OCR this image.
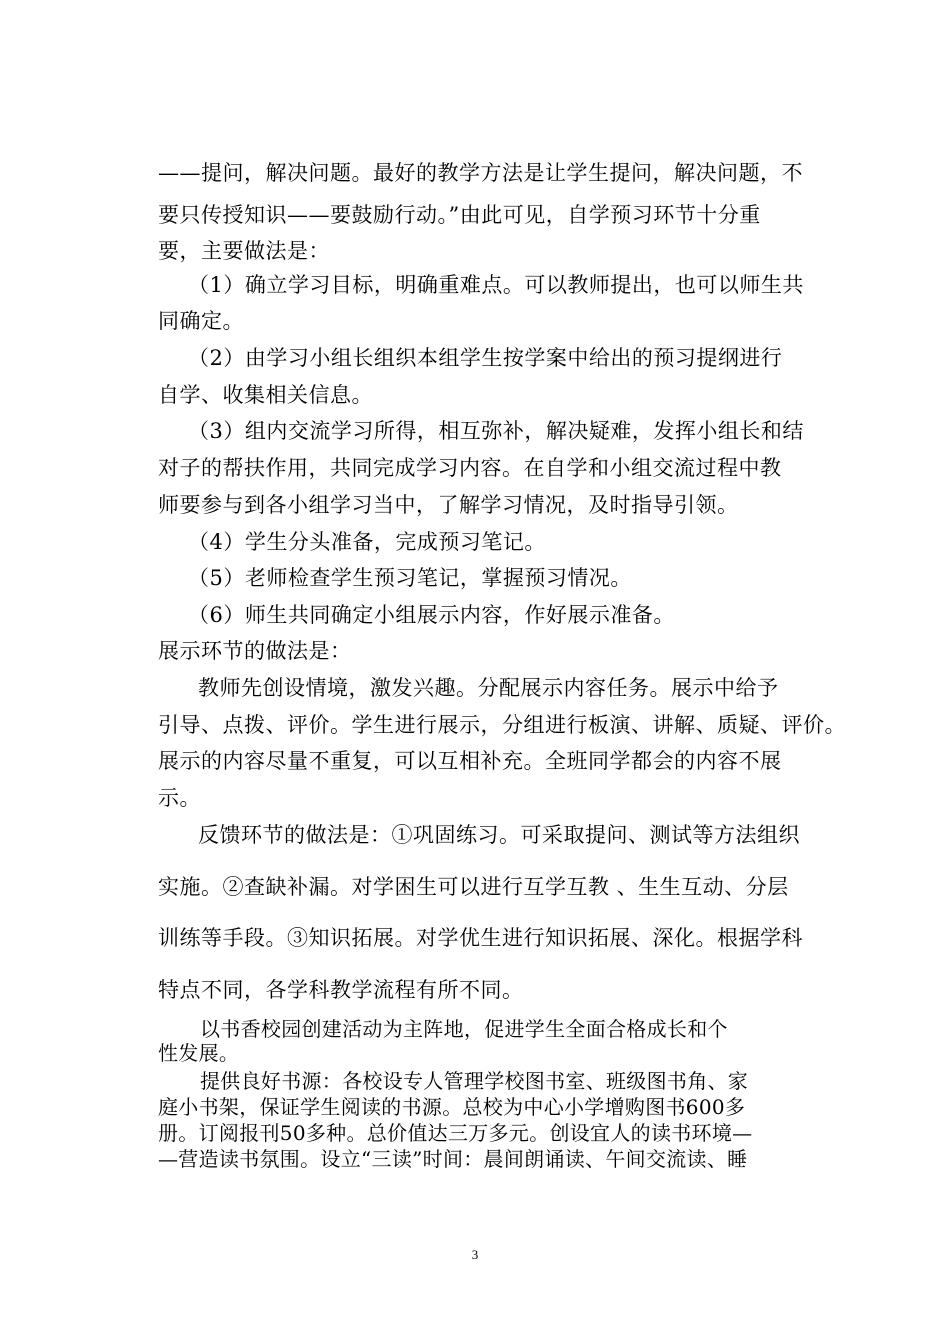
——提问，解决问题。最好的教学方法是让学生提问，解决问题，不
要只传授知识——要鼓励行动。”由此可见，自学预习环节十分重
要，主要做法是：
（1）确立学习目标，明确重难点。可以教师提出，也可以师生共
同确定。
（2）由学习小组长组织本组学生按学案中给出的预习提纲进行
自学、收集相关信息。
（3）组内交流学习所得，相互弥补，解决疑难，发挥小组长和结
对子的帮扶作用，共同完成学习内容。在自学和小组交流过程中教
师要参与到各小组学习当中，了解学习情况，及时指导引领。
（4）学生分头准备，完成预习笔记。
（5）老师检查学生预习笔记，掌握预习情况。
（6）师生共同确定小组展示内容，作好展示准备。
展示环节的做法是：
教师先创设情境，激发兴趣。分配展示内容任务。展示中给予
引导、点拨、评价。学生进行展示，分组进行板演、讲解、质疑、评价。
展示的内容尽量不重复，可以互相补充。全班同学都会的内容不展
示。
反馈环节的做法是：①巩固练习。可采取提问、测试等方法组织
实施。②查缺补漏。对学困生可以进行互学互教 、生生互动、分层
训练等手段。③知识拓展。对学优生进行知识拓展、深化。根据学科
特点不同，各学科教学流程有所不同。
以书香校园创建活动为主阵地，促进学生全面合格成长和个
性发展。
提供良好书源：各校设专人管理学校图书室、班级图书角、家
庭小书架，保证学生阅读的书源。总校为中心小学增购图书600多
册。订阅报刊50多种。总价值达三万多元。创设宜人的读书环境—
—营造读书氛围。设立“三读”时间：晨间朗诵读、午间交流读、睡
3
